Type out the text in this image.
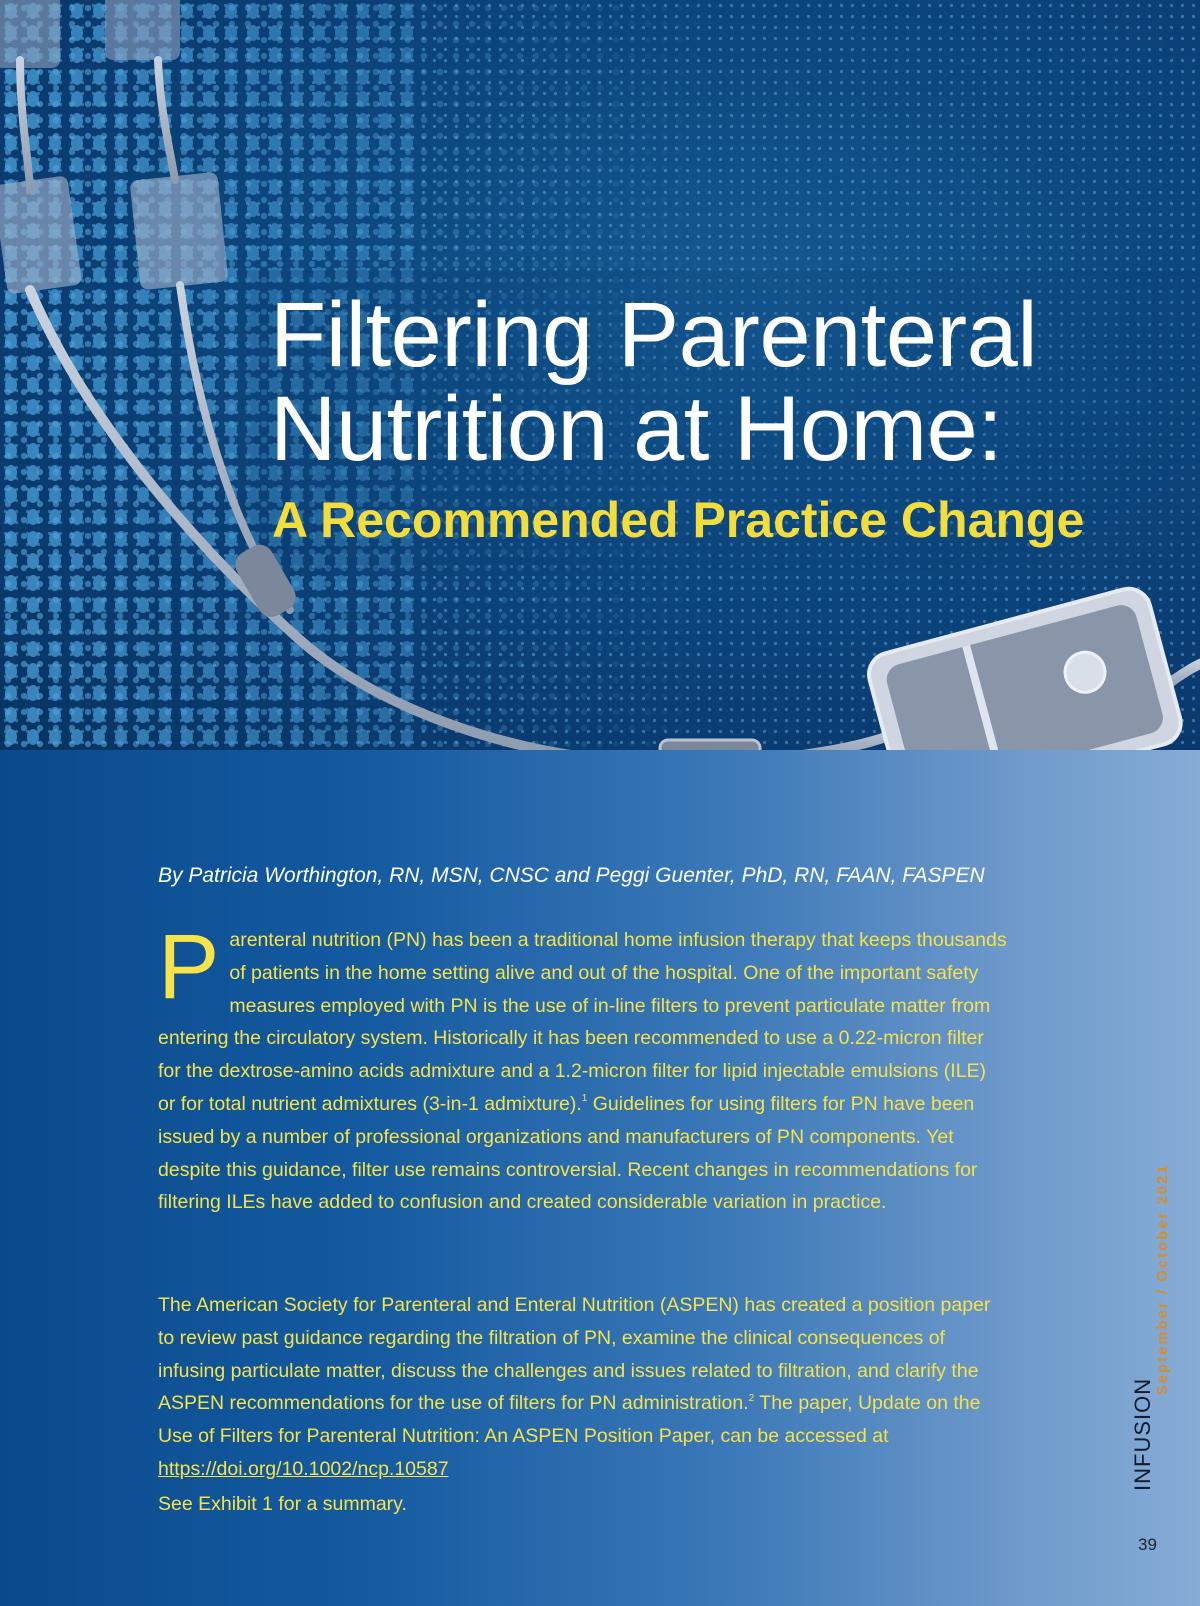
Filtering Parenteral
Nutrition at Home:
A Recommended Practice Change
By Patricia Worthington, RN, MSN, CNSC and Peggi Guenter, PhD, RN, FAAN, FASPEN

Parenteral nutrition (PN) has been a traditional home infusion therapy that keeps thousands of patients in the home setting alive and out of the hospital. One of the important safety measures employed with PN is the use of in-line filters to prevent particulate matter from entering the circulatory system. Historically it has been recommended to use a 0.22-micron filter for the dextrose-amino acids admixture and a 1.2-micron filter for lipid injectable emulsions (ILE) or for total nutrient admixtures (3-in-1 admixture).$^1$ Guidelines for using filters for PN have been issued by a number of professional organizations and manufacturers of PN components. Yet despite this guidance, filter use remains controversial. Recent changes in recommendations for filtering ILEs have added to confusion and created considerable variation in practice.

The American Society for Parenteral and Enteral Nutrition (ASPEN) has created a position paper to review past guidance regarding the filtration of PN, examine the clinical consequences of infusing particulate matter, discuss the challenges and issues related to filtration, and clarify the ASPEN recommendations for the use of filters for PN administration.$^2$ The paper, Update on the Use of Filters for Parenteral Nutrition: An ASPEN Position Paper, can be accessed at https://doi.org/10.1002/ncp.10587
See Exhibit 1 for a summary.

September / October 2021
INFUSION
39
